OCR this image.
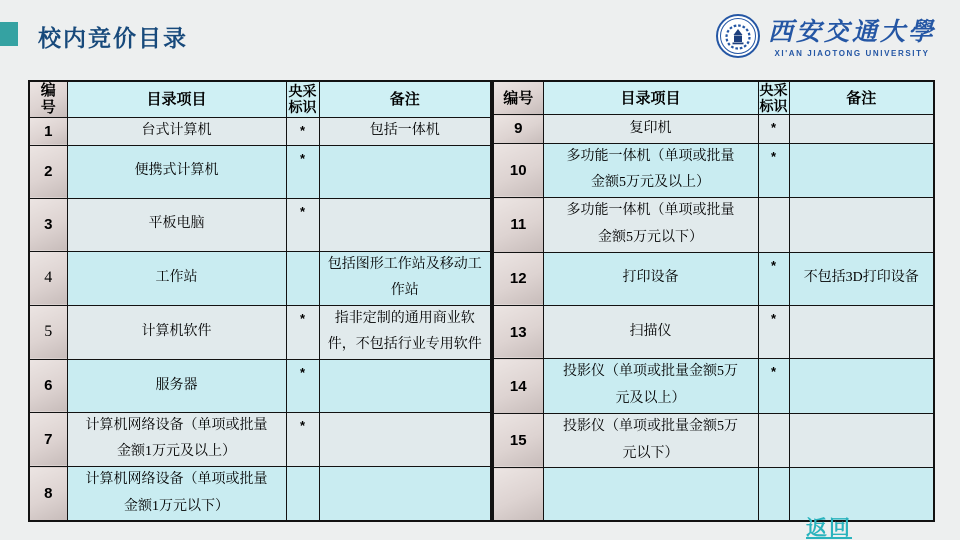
校内竞价目录	西安交通大學
XI'AN JIAOTONG UNIVERSITY
编号	目录项目	央采标识	备注
1	台式计算机	*	包括一体机
2	便携式计算机	*	
3	平板电脑	*	
4	工作站		包括图形工作站及移动工作站
5	计算机软件	*	指非定制的通用商业软件，不包括行业专用软件
6	服务器	*	
7	计算机网络设备（单项或批量金额1万元及以上）	*	
8	计算机网络设备（单项或批量金额1万元以下）		
编号	目录项目	央采标识	备注
9	复印机	*	
10	多功能一体机（单项或批量金额5万元及以上）	*	
11	多功能一体机（单项或批量金额5万元以下）		
12	打印设备	*	不包括3D打印设备
13	扫描仪	*	
14	投影仪（单项或批量金额5万元及以上）	*	
15	投影仪（单项或批量金额5万元以下）		

返回
